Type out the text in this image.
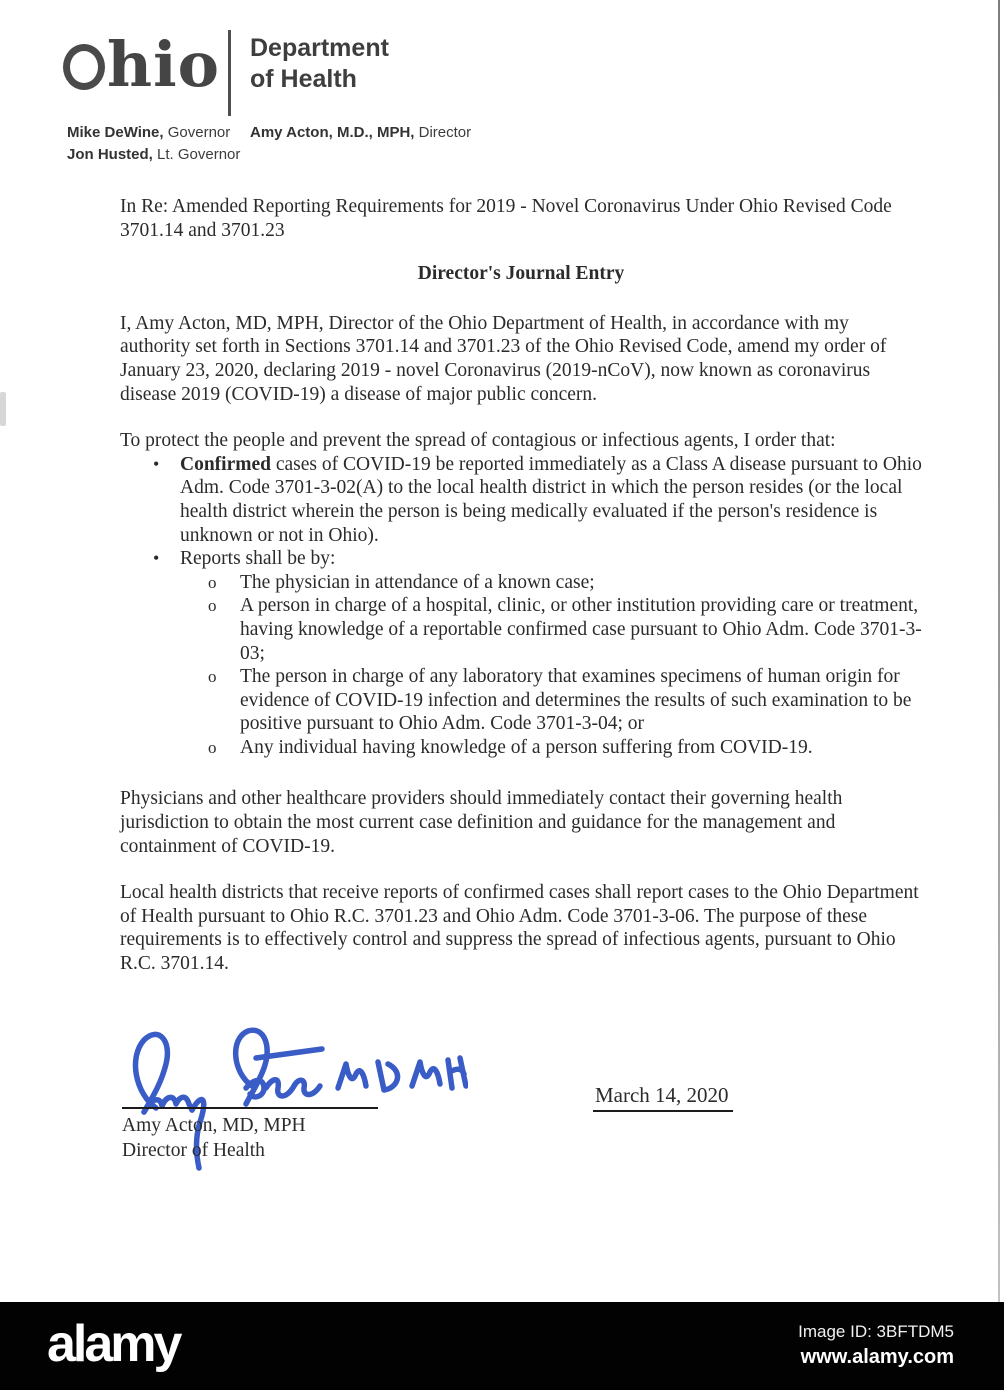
hio Department
of Health
Mike DeWine, Governor
Jon Husted, Lt. Governor
Amy Acton, M.D., MPH, Director
In Re: Amended Reporting Requirements for 2019 - Novel Coronavirus Under Ohio Revised Code 3701.14 and 3701.23
Director's Journal Entry
I, Amy Acton, MD, MPH, Director of the Ohio Department of Health, in accordance with my authority set forth in Sections 3701.14 and 3701.23 of the Ohio Revised Code, amend my order of January 23, 2020, declaring 2019 - novel Coronavirus (2019-nCoV), now known as coronavirus disease 2019 (COVID-19) a disease of major public concern.
To protect the people and prevent the spread of contagious or infectious agents, I order that:
• Confirmed cases of COVID-19 be reported immediately as a Class A disease pursuant to Ohio Adm. Code 3701-3-02(A) to the local health district in which the person resides (or the local health district wherein the person is being medically evaluated if the person's residence is unknown or not in Ohio).
• Reports shall be by:
o The physician in attendance of a known case;
o A person in charge of a hospital, clinic, or other institution providing care or treatment, having knowledge of a reportable confirmed case pursuant to Ohio Adm. Code 3701-3-03;
o The person in charge of any laboratory that examines specimens of human origin for evidence of COVID-19 infection and determines the results of such examination to be positive pursuant to Ohio Adm. Code 3701-3-04; or
o Any individual having knowledge of a person suffering from COVID-19.
Physicians and other healthcare providers should immediately contact their governing health jurisdiction to obtain the most current case definition and guidance for the management and containment of COVID-19.
Local health districts that receive reports of confirmed cases shall report cases to the Ohio Department of Health pursuant to Ohio R.C. 3701.23 and Ohio Adm. Code 3701-3-06. The purpose of these requirements is to effectively control and suppress the spread of infectious agents, pursuant to Ohio R.C. 3701.14.
Amy Acton, MD, MPH
Director of Health
March 14, 2020
alamy	Image ID: 3BFTDM5
www.alamy.com
